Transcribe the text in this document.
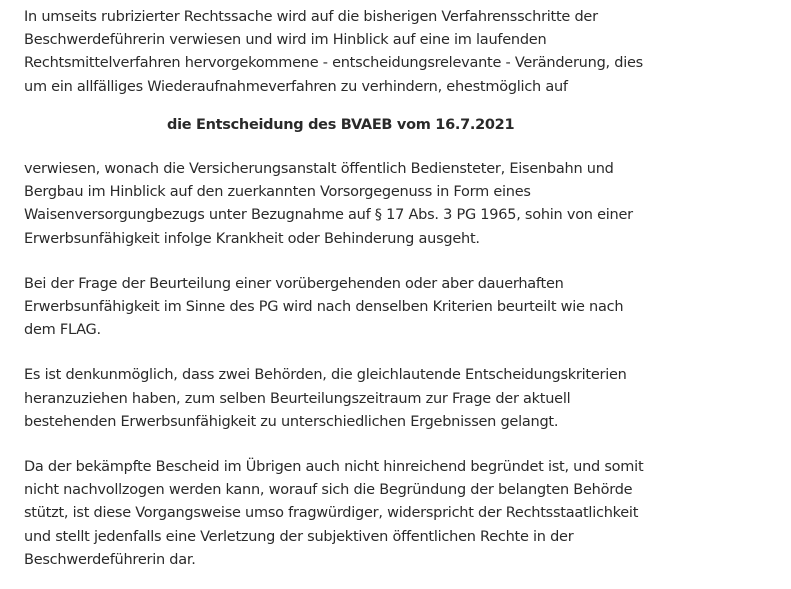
In umseits rubrizierter Rechtssache wird auf die bisherigen Verfahrensschritte der
Beschwerdeführerin verwiesen und wird im Hinblick auf eine im laufenden
Rechtsmittelverfahren hervorgekommene - entscheidungsrelevante - Veränderung, dies
um ein allfälliges Wiederaufnahmeverfahren zu verhindern, ehestmöglich auf

die Entscheidung des BVAEB vom 16.7.2021

verwiesen, wonach die Versicherungsanstalt öffentlich Bediensteter, Eisenbahn und
Bergbau im Hinblick auf den zuerkannten Vorsorgegenuss in Form eines
Waisenversorgungbezugs unter Bezugnahme auf § 17 Abs. 3 PG 1965, sohin von einer
Erwerbsunfähigkeit infolge Krankheit oder Behinderung ausgeht.

Bei der Frage der Beurteilung einer vorübergehenden oder aber dauerhaften
Erwerbsunfähigkeit im Sinne des PG wird nach denselben Kriterien beurteilt wie nach
dem FLAG.

Es ist denkunmöglich, dass zwei Behörden, die gleichlautende Entscheidungskriterien
heranzuziehen haben, zum selben Beurteilungszeitraum zur Frage der aktuell
bestehenden Erwerbsunfähigkeit zu unterschiedlichen Ergebnissen gelangt.

Da der bekämpfte Bescheid im Übrigen auch nicht hinreichend begründet ist, und somit
nicht nachvollzogen werden kann, worauf sich die Begründung der belangten Behörde
stützt, ist diese Vorgangsweise umso fragwürdiger, widerspricht der Rechtsstaatlichkeit
und stellt jedenfalls eine Verletzung der subjektiven öffentlichen Rechte in der
Beschwerdeführerin dar.
